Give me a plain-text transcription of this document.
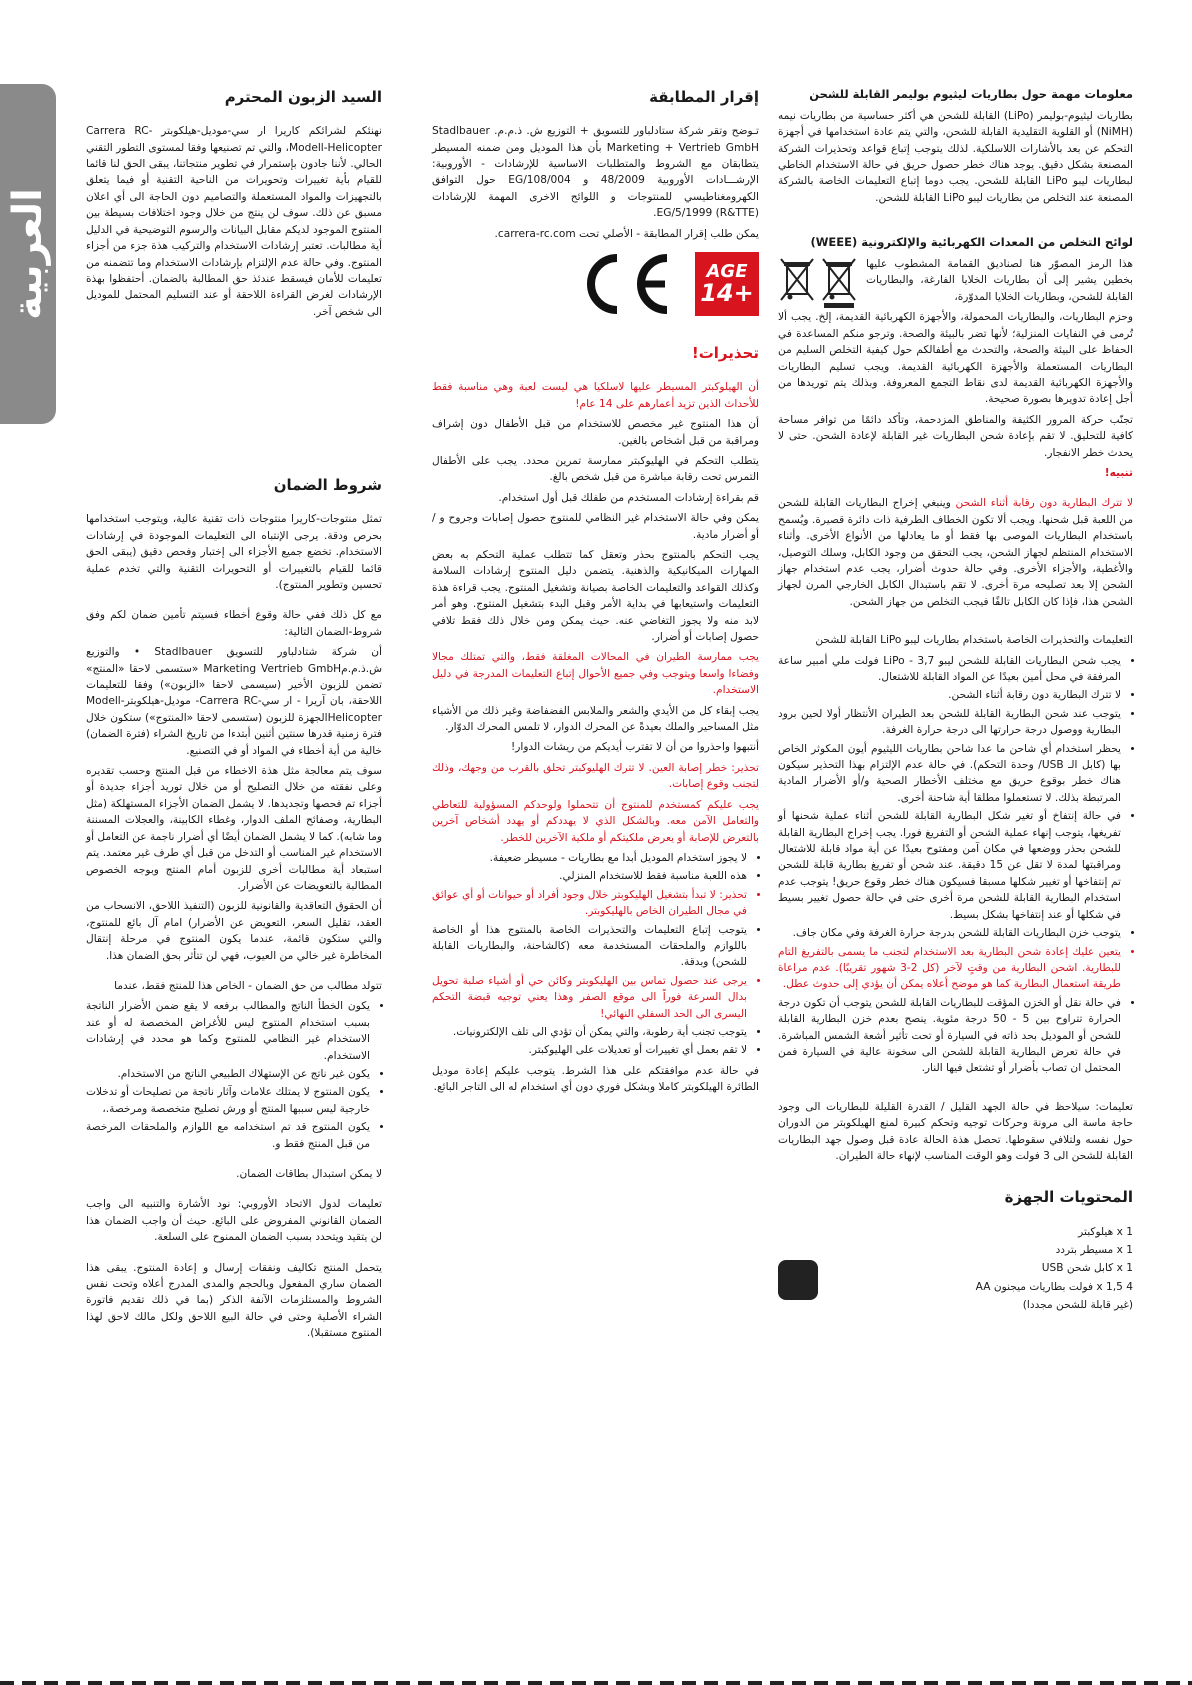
العربية
معلومات مهمة حول بطاريات ليثيوم بوليمر القابلة للشحن

بطاريات ليثيوم-بوليمر (LiPo) القابلة للشحن هي أكثر حساسية من بطاريات نيمه (NiMH) أو القلوية التقليدية القابلة للشحن، والتي يتم عادة استخدامها في أجهزة التحكم عن بعد بالأشارات اللاسلكية. لذلك يتوجب إتباع قواعد وتحذيرات الشركة المصنعة بشكل دقيق. يوجد هناك خطر حصول حريق في حالة الاستخدام الخاطي لبطاريات ليبو LiPo القابلة للشحن. يجب دوما إتباع التعليمات الخاصة بالشركة المصنعة عند التخلص من بطاريات ليبو LiPo القابلة للشحن.

لوائح التخلص من المعدات الكهربائية والإلكترونية (WEEE)

هذا الرمز المصوّر هنا لصناديق القمامة المشطوب عليها بخطين يشير إلى أن بطاريات الخلايا الفارغة، والبطاريات القابلة للشحن، وبطاريات الخلايا المدوّرة،

وحزم البطاريات، والبطاريات المحمولة، والأجهزة الكهربائية القديمة، إلخ. يجب ألا تُرمى في النفايات المنزلية؛ لأنها تضر بالبيئة والصحة. وترجو منكم المساعدة في الحفاظ على البيئة والصحة، والتحدث مع أطفالكم حول كيفية التخلص السليم من البطاريات المستعملة والأجهزة الكهربائية القديمة. ويجب تسليم البطاريات والأجهزة الكهربائية القديمة لدى نقاط التجمع المعروفة. وبذلك يتم توريدها من أجل إعادة تدويرها بصورة صحيحة.

تجنّب حركة المرور الكثيفة والمناطق المزدحمة، وتأكد دائمًا من توافر مساحة كافية للتحليق. لا تقم بإعادة شحن البطاريات غير القابلة لإعادة الشحن. حتى لا يحدث خطر الانفجار.

تنبيه!

لا تترك البطارية دون رقابة أثناء الشحن وينبغي إخراج البطاريات القابلة للشحن من اللعبة قبل شحنها. ويجب ألا تكون الخطاف الطرفية ذات دائرة قصيرة. ويُسمح باستخدام البطاريات الموصى بها فقط أو ما يعادلها من الأنواع الأخرى. وأثناء الاستخدام المنتظم لجهاز الشحن، يجب التحقق من وجود الكابل، وسلك التوصيل، والأغطية، والأجزاء الأخرى. وفي حالة حدوث أضرار، يجب عدم استخدام جهاز الشحن إلا بعد تصليحه مرة أخرى. لا تقم باستبدال الكابل الخارجي المرن لجهاز الشحن هذا، فإذا كان الكابل تالفًا فيجب التخلص من جهاز الشحن.

التعليمات والتحذيرات الخاصة باستخدام بطاريات ليبو LiPo القابلة للشحن

• يجب شحن البطاريات القابلة للشحن ليبو LiPo - 3,7 فولت ملي أمبير ساعة المرفقة في محل أمين بعيدًا عن المواد القابلة للاشتعال.
• لا تترك البطارية دون رقابة أثناء الشحن.
• يتوجب عند شحن البطارية القابلة للشحن بعد الطيران الأنتظار أولا لحين برود البطارية ووصول درجة حرارتها الى درجة حرارة الغرفة.
• يحظر استخدام أي شاحن ما عدا شاحن بطاريات الليثيوم أيون المكوثر الخاص بها (كابل الـ USB/ وحدة التحكم). في حالة عدم الإلتزام بهذا التحذير سيكون هناك خطر بوقوع حريق مع مختلف الأخطار الصحية و/أو الأضرار المادية المرتبطة بذلك. لا تستعملوا مطلقا أية شاحنة أخرى.
• في حالة إنتفاخ أو تغير شكل البطارية القابلة للشحن أثناء عملية شحنها أو تفريغها، يتوجب إنهاء عملية الشحن أو التفريغ فورا. يجب إخراج البطارية القابلة للشحن بحذر ووضعها في مكان آمن ومفتوح بعيدًا عن أية مواد قابلة للاشتعال ومراقبتها لمدة لا تقل عن 15 دقيقة. عند شحن أو تفريغ بطارية قابلة للشحن تم إنتفاخها أو تغيير شكلها مسبقا فسيكون هناك خطر وقوع حريق! يتوجب عدم استخدام البطارية القابلة للشحن مرة أخرى حتى في حالة حصول تغيير بسيط في شكلها أو عند إنتفاخها بشكل بسيط.
• يتوجب خزن البطاريات القابلة للشحن بدرجة حرارة الغرفة وفي مكان جاف.
• يتعين عليك إعادة شحن البطارية بعد الاستخدام لتجنب ما يسمى بالتفريغ التام للبطارية. اشحن البطارية من وقتٍ لآخر (كل 2-3 شهور تقريبًا). عدم مراعاة طريقة استعمال البطارية كما هو موضح أعلاه يمكن أن يؤدي إلى حدوث عطل.
• في حالة نقل أو الخزن المؤقت للبطاريات القابلة للشحن يتوجب أن تكون درجة الحرارة تتراوح بين 5 - 50 درجة مئوية. ينصح بعدم خزن البطارية القابلة للشحن أو الموديل بحد ذاته في السيارة أو تحت تأثير أشعة الشمس المباشرة. في حالة تعرض البطارية القابلة للشحن الى سخونة عالية في السيارة فمن المحتمل ان تصاب بأضرار أو تشتعل فيها النار.

تعليمات: سيلاحظ في حالة الجهد القليل / القدرة القليلة للبطاريات الى وجود حاجة ماسة الى مرونة وحركات توجيه وتحكم كبيرة لمنع الهيلكوبتر من الدوران حول نفسه ولتلافي سقوطها. تحصل هذة الحالة عادة قبل وصول جهد البطاريات القابلة للشحن الى 3 فولت وهو الوقت المناسب لإنهاء حالة الطيران.

المحتويات الجهزة
1 x هيلوكبتر
1 x مسيطر بتردد
1 x كابل شحن USB
4 x 1,5 فولت بطاريات ميجنون AA
(غير قابلة للشحن مجددا)
إقرار المطابقة

تـوضح وتقر شركة ستادلباور للتسويق + التوزيع ش. ذ.م.م. Stadlbauer Marketing + Vertrieb GmbH بأن هذا الموديل ومن ضمنه المسيطر يتطابقان مع الشروط والمتطلبات الاساسية للإرشادات - الأوروبية: الإرشـــادات الأوروبية 48/2009 و EG/108/004 حول التوافق الكهرومغناطيسي للمنتوجات و اللوائح الاخرى المهمة للإرشادات EG/5/1999 (R&TTE).

يمكن طلب إقرار المطابقة - الأصلي تحت carrera-rc.com.

AGE
14+
تحذيرات!

أن الهيلوكبتر المسيطر عليها لاسلكيا هي ليست لعبة وهي مناسبة فقط للأحداث الذين تزيد أعمارهم على 14 عام!

أن هذا المنتوج غير مخصص للاستخدام من قبل الأطفال دون إشراف ومراقبة من قبل أشخاص بالغين.

يتطلب التحكم في الهليوكبتر ممارسة تمرين محدد. يجب على الأطفال التمرس تحت رقابة مباشرة من قبل شخص بالغ.

قم بقراءة إرشادات المستخدم من طفلك قبل أول استخدام.

يمكن وفي حالة الاستخدام غير النظامي للمنتوج حصول إصابات وجروح و / أو أضرار مادية.

يجب التحكم بالمنتوج بحذر وتعقل كما تتطلب عملية التحكم به بعض المهارات الميكانيكية والذهنية. يتضمن دليل المنتوج إرشادات السلامة وكذلك القواعد والتعليمات الخاصة بصيانة وتشغيل المنتوج. يجب قراءة هذة التعليمات واستيعابها في بداية الأمر وقبل البدء بتشغيل المنتوج. وهو أمر لابد منه ولا يجوز التغاضي عنه. حيث يمكن ومن خلال ذلك فقط تلافي حصول إصابات أو أضرار.

يجب ممارسة الطيران في المحالات المغلقة فقط، والتي تمتلك مجالا وفضاءا واسعا ويتوجب وفي جميع الأحوال إتباع التعليمات المدرجة في دليل الاستخدام.

يجب إبقاء كل من الأيدي والشعر والملابس الفضفاضة وغير ذلك من الأشياء مثل المساحير والملك بعيدةً عن المحرك الدوار، لا تلمس المحرك الدوّار.

أنتبهوا واحذروا من أن لا تقترب أيديكم من ريشات الدوار!

تحذير: خطر إصابة العين. لا تترك الهليوكبتر تحلق بالقرب من وجهك، وذلك لتجنب وقوع إصابات.

يجب عليكم كمستخدم للمنتوج أن تتحملوا ولوحدكم المسؤولية للتعاطي والتعامل الآمن معه. وبالشكل الذي لا يهددكم أو يهدد أشخاص آخرين بالتعرض للإصابة أو يعرض ملكيتكم أو ملكية الآخرين للخطر.

• لا يجوز استخدام الموديل أبدا مع بطاريات - مسيطر ضعيفة.
• هذه اللعبة مناسبة فقط للاستخدام المنزلي.
• تحذير: لا تبدأ بتشغيل الهليكوبتر خلال وجود أفراد أو حيوانات أو أي عوائق في مجال الطيران الخاص بالهليكوبتر.
• يتوجب إتباع التعليمات والتحذيرات الخاصة بالمنتوج هذا أو الخاصة باللوازم والملحقات المستخدمة معه (كالشاحنة، والبطاريات القابلة للشحن) وبدقة.
• يرجى عند حصول تماس بين الهليكوبتر وكائن حي أو أشياء صلبة تحويل بدال السرعة فوراً الى موقع الصفر وهذا يعني توجيه قبضة التحكم اليسرى الى الحد السفلي النهائي!
• يتوجب تجنب أية رطوبة، والتي يمكن أن تؤدي الى تلف الإلكترونيات.
• لا تقم بعمل أي تغييرات أو تعديلات على الهليوكبتر.

في حالة عدم موافقتكم على هذا الشرط. يتوجب عليكم إعادة موديل الطائرة الهيلكوبتر كاملا وبشكل فوري دون أي استخدام له الى التاجر البائع.

السيد الزبون المحترم

نهنئكم لشرائكم كاريرا ار سي-موديل-هيلكوبتر Carrera RC-Modell-Helicopter، والتي تم تصنيعها وفقا لمستوى التطور التقني الحالي. لأننا جادون بإستمرار في تطوير منتجاتنا، يبقى الحق لنا قائما للقيام بأية تغييرات وتحويرات من الناحية التقنية أو فيما يتعلق بالتجهيزات والمواد المستعملة والتصاميم دون الحاجة الى أي اعلان مسبق عن ذلك. سوف لن ينتج من خلال وجود اختلافات بسيطة بين المنتوج الموجود لديكم مقابل البيانات والرسوم التوضيحية في الدليل أية مطالبات. تعتبر إرشادات الاستخدام والتركيب هذة جزء من أجزاء المنتوج. وفي حالة عدم الإلتزام بإرشادات الاستخدام وما تتضمنه من تعليمات للأمان فيسقط عندئذ حق المطالبة بالضمان. أحتفظوا بهذة الإرشادات لغرض القراءة اللاحقة أو عند التسليم المحتمل للموديل الى شخص آخر.

شروط الضمان

تمثل منتوجات-كاريرا منتوجات ذات تقنية عالية، ويتوجب استخدامها بحرص ودقة. يرجى الإنتباه الى التعليمات الموجودة في إرشادات الاستخدام. تخضع جميع الأجزاء الى إختبار وفحص دقيق (يبقى الحق قائما للقيام بالتغييرات أو التحويرات التقنية والتي تخدم عملية تحسين وتطوير المنتوج).

مع كل ذلك ففي حالة وقوع أخطاء فسيتم تأمين ضمان لكم وفق شروط-الضمان التالية:

أن شركة شتادلباور للتسويق Stadlbauer • والتوزيع ش.ذ.م.مMarketing Vertrieb GmbH «ستسمى لاحقا «المنتج» تضمن للزبون الأخير (سيسمى لاحقا «الزبون») وفقا للتعليمات اللاحقة، بان آريرا - ار سي-Carrera RC- موديل-هيلكوبترModell-Helicopterالجهزة للزبون (ستسمى لاحقا «المنتوج») ستكون خلال فترة زمنية قدرها سنتين أثنين أبتدءا من تاريخ الشراء (فترة الضمان) خالية من أية أخطاء في المواد أو في التصنيع.

سوف يتم معالجة مثل هذة الاخطاء من قبل المنتج وحسب تقديره وعلى نفقته من خلال التصليح أو من خلال توريد أجزاء جديدة أو أجزاء تم فحصها وتجديدها. لا يشمل الضمان الأجزاء المستهلكة (مثل البطارية، وصفائح الملف الدوار، وغطاء الكابينة، والعجلات المسننة وما شابه). كما لا يشمل الضمان أيضًا أي أضرار ناجمة عن التعامل أو الاستخدام غير المناسب أو التدخل من قبل أي طرف غير معتمد. يتم استبعاد أية مطالبات أخرى للزبون أمام المنتج وبوجه الخصوص المطالبة بالتعويضات عن الأضرار.

أن الحقوق التعاقدية والقانونية للزبون (التنفيذ اللاحق، الانسحاب من العقد، تقليل السعر، التعويض عن الأضرار) امام آل بائع للمنتوج، والتي ستكون قائمة، عندما يكون المنتوج في مرحلة إنتقال المخاطرة غير خالي من العيوب، فهي لن تتأثر بحق الضمان هذا.

تتولد مطالب من حق الضمان - الخاص هذا للمنتج فقط، عندما

• يكون الخطأ الناتج والمطالب برفعه لا يقع ضمن الأضرار الناتجة بسبب استخدام المنتوج ليس للأغراض المخصصة له أو عند الاستخدام غير النظامي للمنتوج وكما هو محدد في إرشادات الاستخدام.
• يكون غير ناتج عن الإستهلاك الطبيعي الناتج من الاستخدام.
• يكون المنتوج لا يمتلك علامات وآثار ناتجة من تصليحات أو تدخلات خارجية ليس سببها المنتج أو ورش تصليح متخصصة ومرخصة.،
• يكون المنتوج قد تم استخدامه مع اللوازم والملحقات المرخصة من قبل المنتج فقط و.

لا يمكن استبدال بطاقات الضمان.

تعليمات لدول الاتحاد الأوروبي: نود الأشارة والتنبيه الى واجب الضمان القانوني المفروض على البائع. حيث أن واجب الضمان هذا لن يتقيد ويتحدد بسبب الضمان الممنوح على السلعة.

يتحمل المنتج تكاليف ونفقات إرسال و إعادة المنتوج. يبقى هذا الضمان ساري المفعول وبالحجم والمدى المدرج أعلاه وتحت نفس الشروط والمستلزمات الآنفة الذكر (بما في ذلك تقديم فاتورة الشراء الأصلية وحتى في حالة البيع اللاحق ولكل مالك لاحق لهذا المنتوج مستقبلا).
